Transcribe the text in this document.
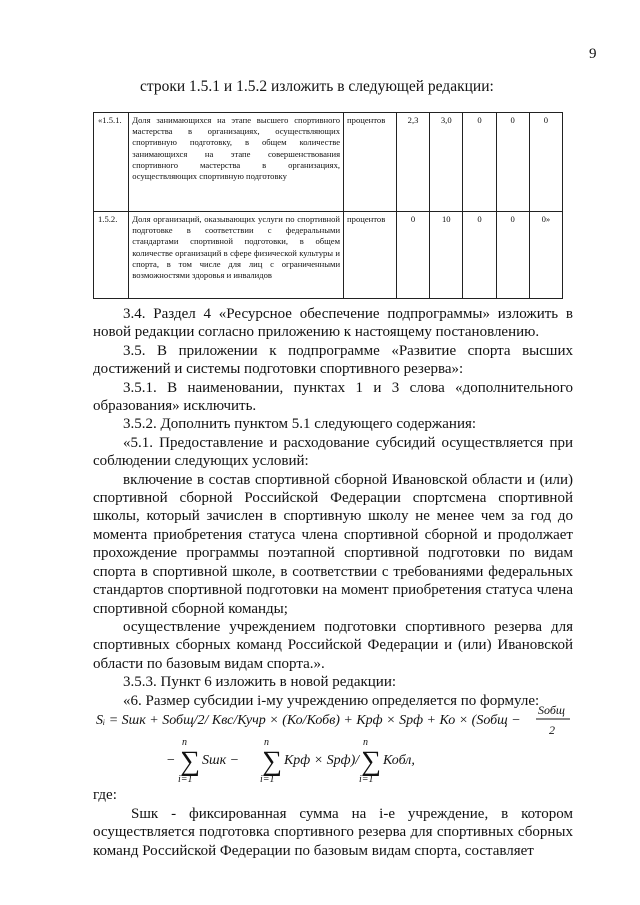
9
строки 1.5.1 и 1.5.2 изложить в следующей редакции:
«1.5.1.	Доля занимающихся на этапе высшего спортивного мастерства в организациях, осуществляющих спортивную подготовку, в общем количестве занимающихся на этапе совершенствования спортивного мастерства в организациях, осуществляющих спортивную подготовку	процентов	2,3	3,0	0	0	0
1.5.2.	Доля организаций, оказывающих услуги по спортивной подготовке в соответствии с федеральными стандартами спортивной подготовки, в общем количестве организаций в сфере физической культуры и спорта, в том числе для лиц с ограниченными возможностями здоровья и инвалидов	процентов	0	10	0	0	0»

3.4. Раздел 4 «Ресурсное обеспечение подпрограммы» изложить в новой редакции согласно приложению к настоящему постановлению.

3.5. В приложении к подпрограмме «Развитие спорта высших достижений и системы подготовки спортивного резерва»:

3.5.1. В наименовании, пунктах 1 и 3 слова «дополнительного образования» исключить.

3.5.2. Дополнить пунктом 5.1 следующего содержания:

«5.1. Предоставление и расходование субсидий осуществляется при соблюдении следующих условий:

включение в состав спортивной сборной Ивановской области и (или) спортивной сборной Российской Федерации спортсмена спортивной школы, который зачислен в спортивную школу не менее чем за год до момента приобретения статуса члена спортивной сборной и продолжает прохождение программы поэтапной спортивной подготовки по видам спорта в спортивной школе, в соответствии с требованиями федеральных стандартов спортивной подготовки на момент приобретения статуса члена спортивной сборной команды;

осуществление учреждением подготовки спортивного резерва для спортивных сборных команд Российской Федерации и (или) Ивановской области по базовым видам спорта.».

3.5.3. Пункт 6 изложить в новой редакции:

«6. Размер субсидии i-му учреждению определяется по формуле:

Sᵢ = Sшк + Sобщ/2/ Квс/Кучр × (Ко/Кобв) + Крф × Sрф + Ко × (Sобщ −
Sобщ
2
−
n
∑
i=1
Sшк −
n
∑
i=1
Крф × Sрф)/
n
∑
i=1
Кобл,

где:

Sшк - фиксированная сумма на i-е учреждение, в котором осуществляется подготовка спортивного резерва для спортивных сборных команд Российской Федерации по базовым видам спорта, составляет
